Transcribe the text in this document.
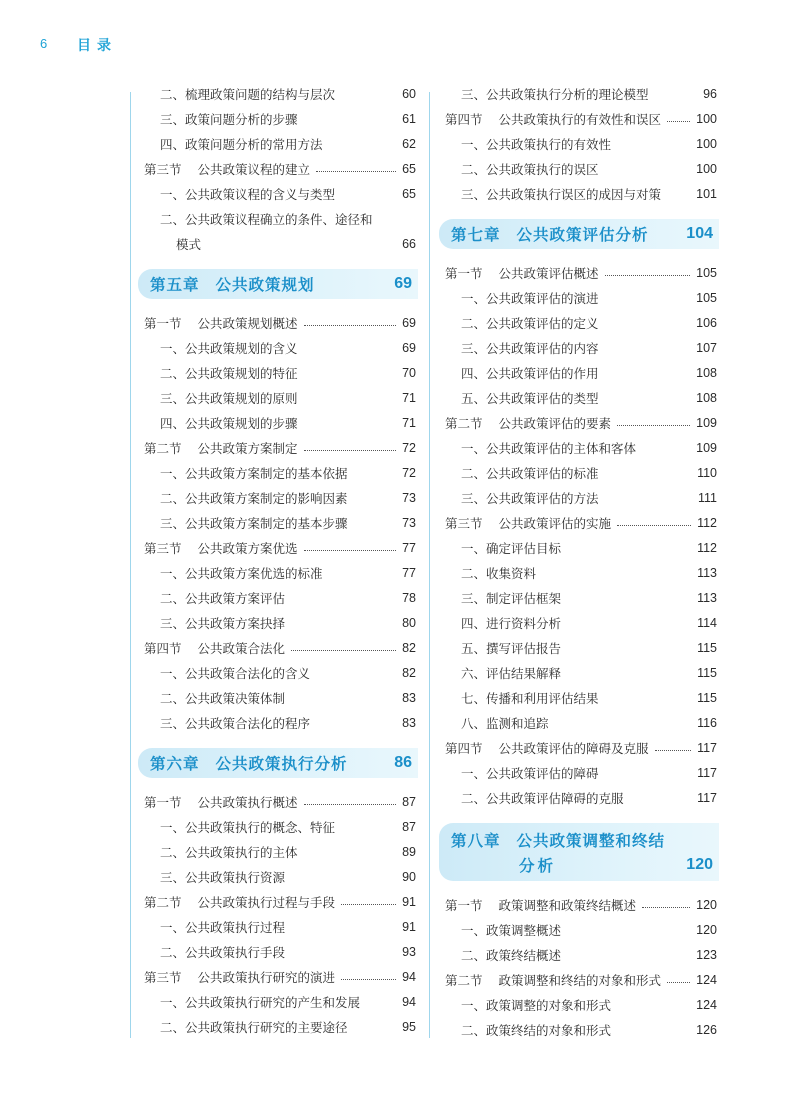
6 目录
二、梳理政策问题的结构与层次	60
三、政策问题分析的步骤	61
四、政策问题分析的常用方法	62
第三节 公共政策议程的建立	65
一、公共政策议程的含义与类型	65
二、公共政策议程确立的条件、途径和
模式	66
第五章 公共政策规划	69
第一节 公共政策规划概述	69
一、公共政策规划的含义	69
二、公共政策规划的特征	70
三、公共政策规划的原则	71
四、公共政策规划的步骤	71
第二节 公共政策方案制定	72
一、公共政策方案制定的基本依据	72
二、公共政策方案制定的影响因素	73
三、公共政策方案制定的基本步骤	73
第三节 公共政策方案优选	77
一、公共政策方案优选的标准	77
二、公共政策方案评估	78
三、公共政策方案抉择	80
第四节 公共政策合法化	82
一、公共政策合法化的含义	82
二、公共政策决策体制	83
三、公共政策合法化的程序	83
第六章 公共政策执行分析	86
第一节 公共政策执行概述	87
一、公共政策执行的概念、特征	87
二、公共政策执行的主体	89
三、公共政策执行资源	90
第二节 公共政策执行过程与手段	91
一、公共政策执行过程	91
二、公共政策执行手段	93
第三节 公共政策执行研究的演进	94
一、公共政策执行研究的产生和发展	94
二、公共政策执行研究的主要途径	95
三、公共政策执行分析的理论模型	96
第四节 公共政策执行的有效性和误区	100
一、公共政策执行的有效性	100
二、公共政策执行的误区	100
三、公共政策执行误区的成因与对策	101
第七章 公共政策评估分析	104
第一节 公共政策评估概述	105
一、公共政策评估的演进	105
二、公共政策评估的定义	106
三、公共政策评估的内容	107
四、公共政策评估的作用	108
五、公共政策评估的类型	108
第二节 公共政策评估的要素	109
一、公共政策评估的主体和客体	109
二、公共政策评估的标准	110
三、公共政策评估的方法	111
第三节 公共政策评估的实施	112
一、确定评估目标	112
二、收集资料	113
三、制定评估框架	113
四、进行资料分析	114
五、撰写评估报告	115
六、评估结果解释	115
七、传播和利用评估结果	115
八、监测和追踪	116
第四节 公共政策评估的障碍及克服	117
一、公共政策评估的障碍	117
二、公共政策评估障碍的克服	117
第八章 公共政策调整和终结
分析	120
第一节 政策调整和政策终结概述	120
一、政策调整概述	120
二、政策终结概述	123
第二节 政策调整和终结的对象和形式	124
一、政策调整的对象和形式	124
二、政策终结的对象和形式	126
